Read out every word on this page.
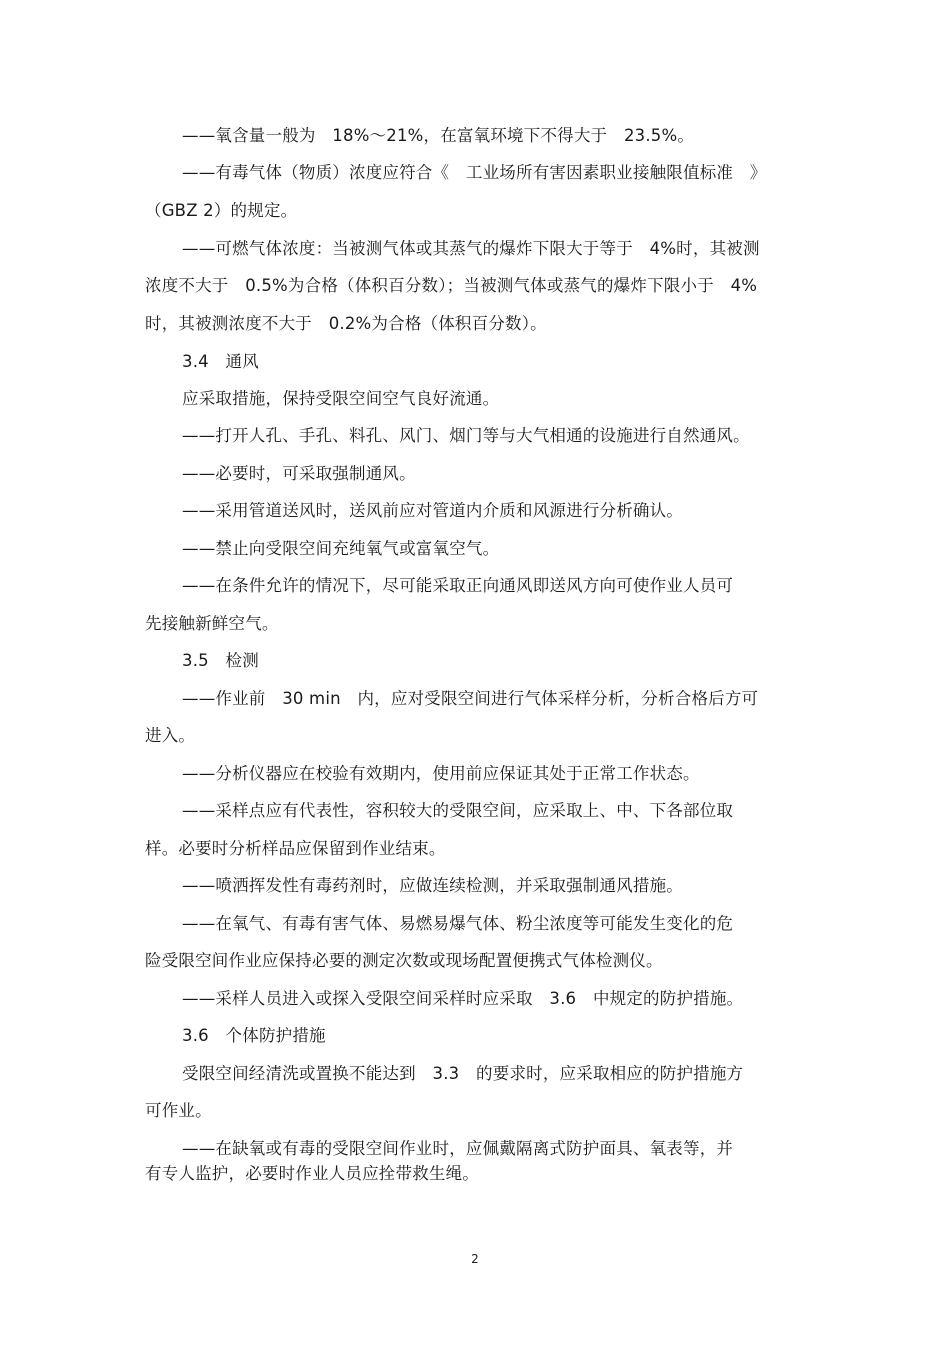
——氧含量一般为　18%～21%，在富氧环境下不得大于　23.5%。
——有毒气体（物质）浓度应符合《　工业场所有害因素职业接触限值标准　》
（GBZ 2）的规定。
——可燃气体浓度：当被测气体或其蒸气的爆炸下限大于等于　4%时，其被测
浓度不大于　0.5%为合格（体积百分数）；当被测气体或蒸气的爆炸下限小于　4%
时，其被测浓度不大于　0.2%为合格（体积百分数）。
3.4　通风
应采取措施，保持受限空间空气良好流通。
——打开人孔、手孔、料孔、风门、烟门等与大气相通的设施进行自然通风。
——必要时，可采取强制通风。
——采用管道送风时，送风前应对管道内介质和风源进行分析确认。
——禁止向受限空间充纯氧气或富氧空气。
——在条件允许的情况下，尽可能采取正向通风即送风方向可使作业人员可
先接触新鲜空气。
3.5　检测
——作业前　30 min　内，应对受限空间进行气体采样分析，分析合格后方可
进入。
——分析仪器应在校验有效期内，使用前应保证其处于正常工作状态。
——采样点应有代表性，容积较大的受限空间，应采取上、中、下各部位取
样。必要时分析样品应保留到作业结束。
——喷洒挥发性有毒药剂时，应做连续检测，并采取强制通风措施。
——在氧气、有毒有害气体、易燃易爆气体、粉尘浓度等可能发生变化的危
险受限空间作业应保持必要的测定次数或现场配置便携式气体检测仪。
——采样人员进入或探入受限空间采样时应采取　3.6　中规定的防护措施。
3.6　个体防护措施
受限空间经清洗或置换不能达到　3.3　的要求时，应采取相应的防护措施方
可作业。
——在缺氧或有毒的受限空间作业时，应佩戴隔离式防护面具、氧表等，并
有专人监护，必要时作业人员应拴带救生绳。
2
